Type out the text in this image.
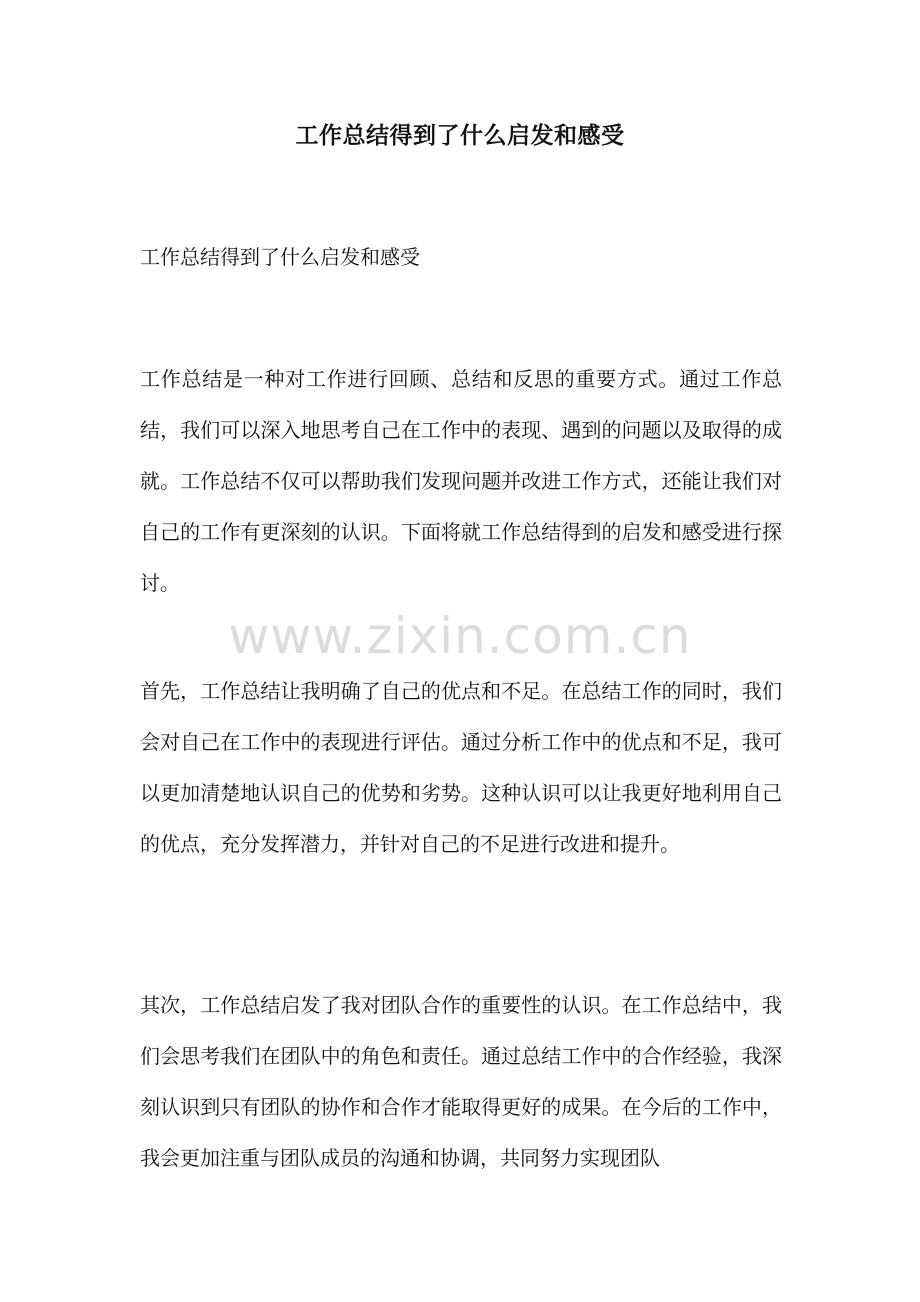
工作总结得到了什么启发和感受
工作总结得到了什么启发和感受
工作总结是一种对工作进行回顾、总结和反思的重要方式。通过工作总结，我们可以深入地思考自己在工作中的表现、遇到的问题以及取得的成就。工作总结不仅可以帮助我们发现问题并改进工作方式，还能让我们对自己的工作有更深刻的认识。下面将就工作总结得到的启发和感受进行探讨。
www.zixin.com.cn
首先，工作总结让我明确了自己的优点和不足。在总结工作的同时，我们会对自己在工作中的表现进行评估。通过分析工作中的优点和不足，我可以更加清楚地认识自己的优势和劣势。这种认识可以让我更好地利用自己的优点，充分发挥潜力，并针对自己的不足进行改进和提升。
其次，工作总结启发了我对团队合作的重要性的认识。在工作总结中，我们会思考我们在团队中的角色和责任。通过总结工作中的合作经验，我深刻认识到只有团队的协作和合作才能取得更好的成果。在今后的工作中，我会更加注重与团队成员的沟通和协调，共同努力实现团队
